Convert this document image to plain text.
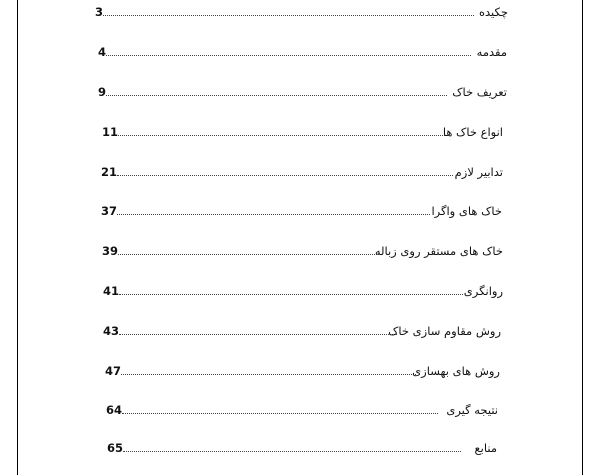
3	چکیده
4	مقدمه
9	تعریف خاک
11	انواع خاک ها
21	تدابیر لازم
37	خاک های واگرا
39	خاک های مستقر روی زباله
41	روانگری
43	روش مقاوم سازی خاک
47	روش های بهسازی
64	نتیجه گیری
65	منابع
